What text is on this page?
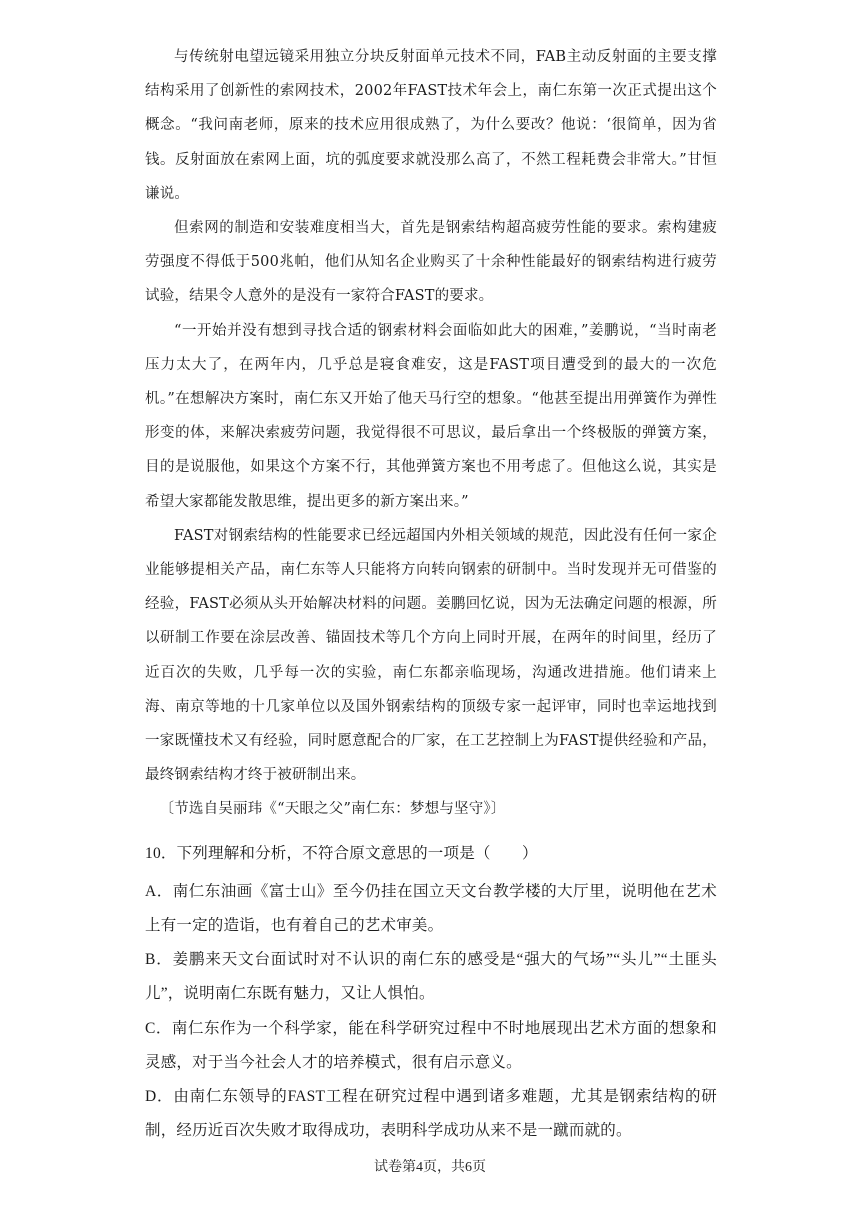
与传统射电望远镜采用独立分块反射面单元技术不同，FAB主动反射面的主要支撑结构采用了创新性的索网技术，2002年FAST技术年会上，南仁东第一次正式提出这个概念。“我问南老师，原来的技术应用很成熟了，为什么要改？他说：‘很简单，因为省钱。反射面放在索网上面，坑的弧度要求就没那么高了，不然工程耗费会非常大。”甘恒谦说。

但索网的制造和安装难度相当大，首先是钢索结构超高疲劳性能的要求。索构建疲劳强度不得低于500兆帕，他们从知名企业购买了十余种性能最好的钢索结构进行疲劳试验，结果令人意外的是没有一家符合FAST的要求。

“一开始并没有想到寻找合适的钢索材料会面临如此大的困难，”姜鹏说，“当时南老压力太大了，在两年内，几乎总是寝食难安，这是FAST项目遭受到的最大的一次危机。”在想解决方案时，南仁东又开始了他天马行空的想象。“他甚至提出用弹簧作为弹性形变的体，来解决索疲劳问题，我觉得很不可思议，最后拿出一个终极版的弹簧方案，目的是说服他，如果这个方案不行，其他弹簧方案也不用考虑了。但他这么说，其实是希望大家都能发散思维，提出更多的新方案出来。”

FAST对钢索结构的性能要求已经远超国内外相关领域的规范，因此没有任何一家企业能够提相关产品，南仁东等人只能将方向转向钢索的研制中。当时发现并无可借鉴的经验，FAST必须从头开始解决材料的问题。姜鹏回忆说，因为无法确定问题的根源，所以研制工作要在涂层改善、锚固技术等几个方向上同时开展，在两年的时间里，经历了近百次的失败，几乎每一次的实验，南仁东都亲临现场，沟通改进措施。他们请来上海、南京等地的十几家单位以及国外钢索结构的顶级专家一起评审，同时也幸运地找到一家既懂技术又有经验，同时愿意配合的厂家，在工艺控制上为FAST提供经验和产品，最终钢索结构才终于被研制出来。

〔节选自吴丽玮《“天眼之父”南仁东：梦想与坚守》〕

10．下列理解和分析，不符合原文意思的一项是（　　）

A．南仁东油画《富士山》至今仍挂在国立天文台教学楼的大厅里，说明他在艺术上有一定的造诣，也有着自己的艺术审美。

B．姜鹏来天文台面试时对不认识的南仁东的感受是“强大的气场”“头儿”“土匪头儿”，说明南仁东既有魅力，又让人惧怕。

C．南仁东作为一个科学家，能在科学研究过程中不时地展现出艺术方面的想象和灵感，对于当今社会人才的培养模式，很有启示意义。

D．由南仁东领导的FAST工程在研究过程中遇到诸多难题，尤其是钢索结构的研制，经历近百次失败才取得成功，表明科学成功从来不是一蹴而就的。

试卷第4页，共6页
